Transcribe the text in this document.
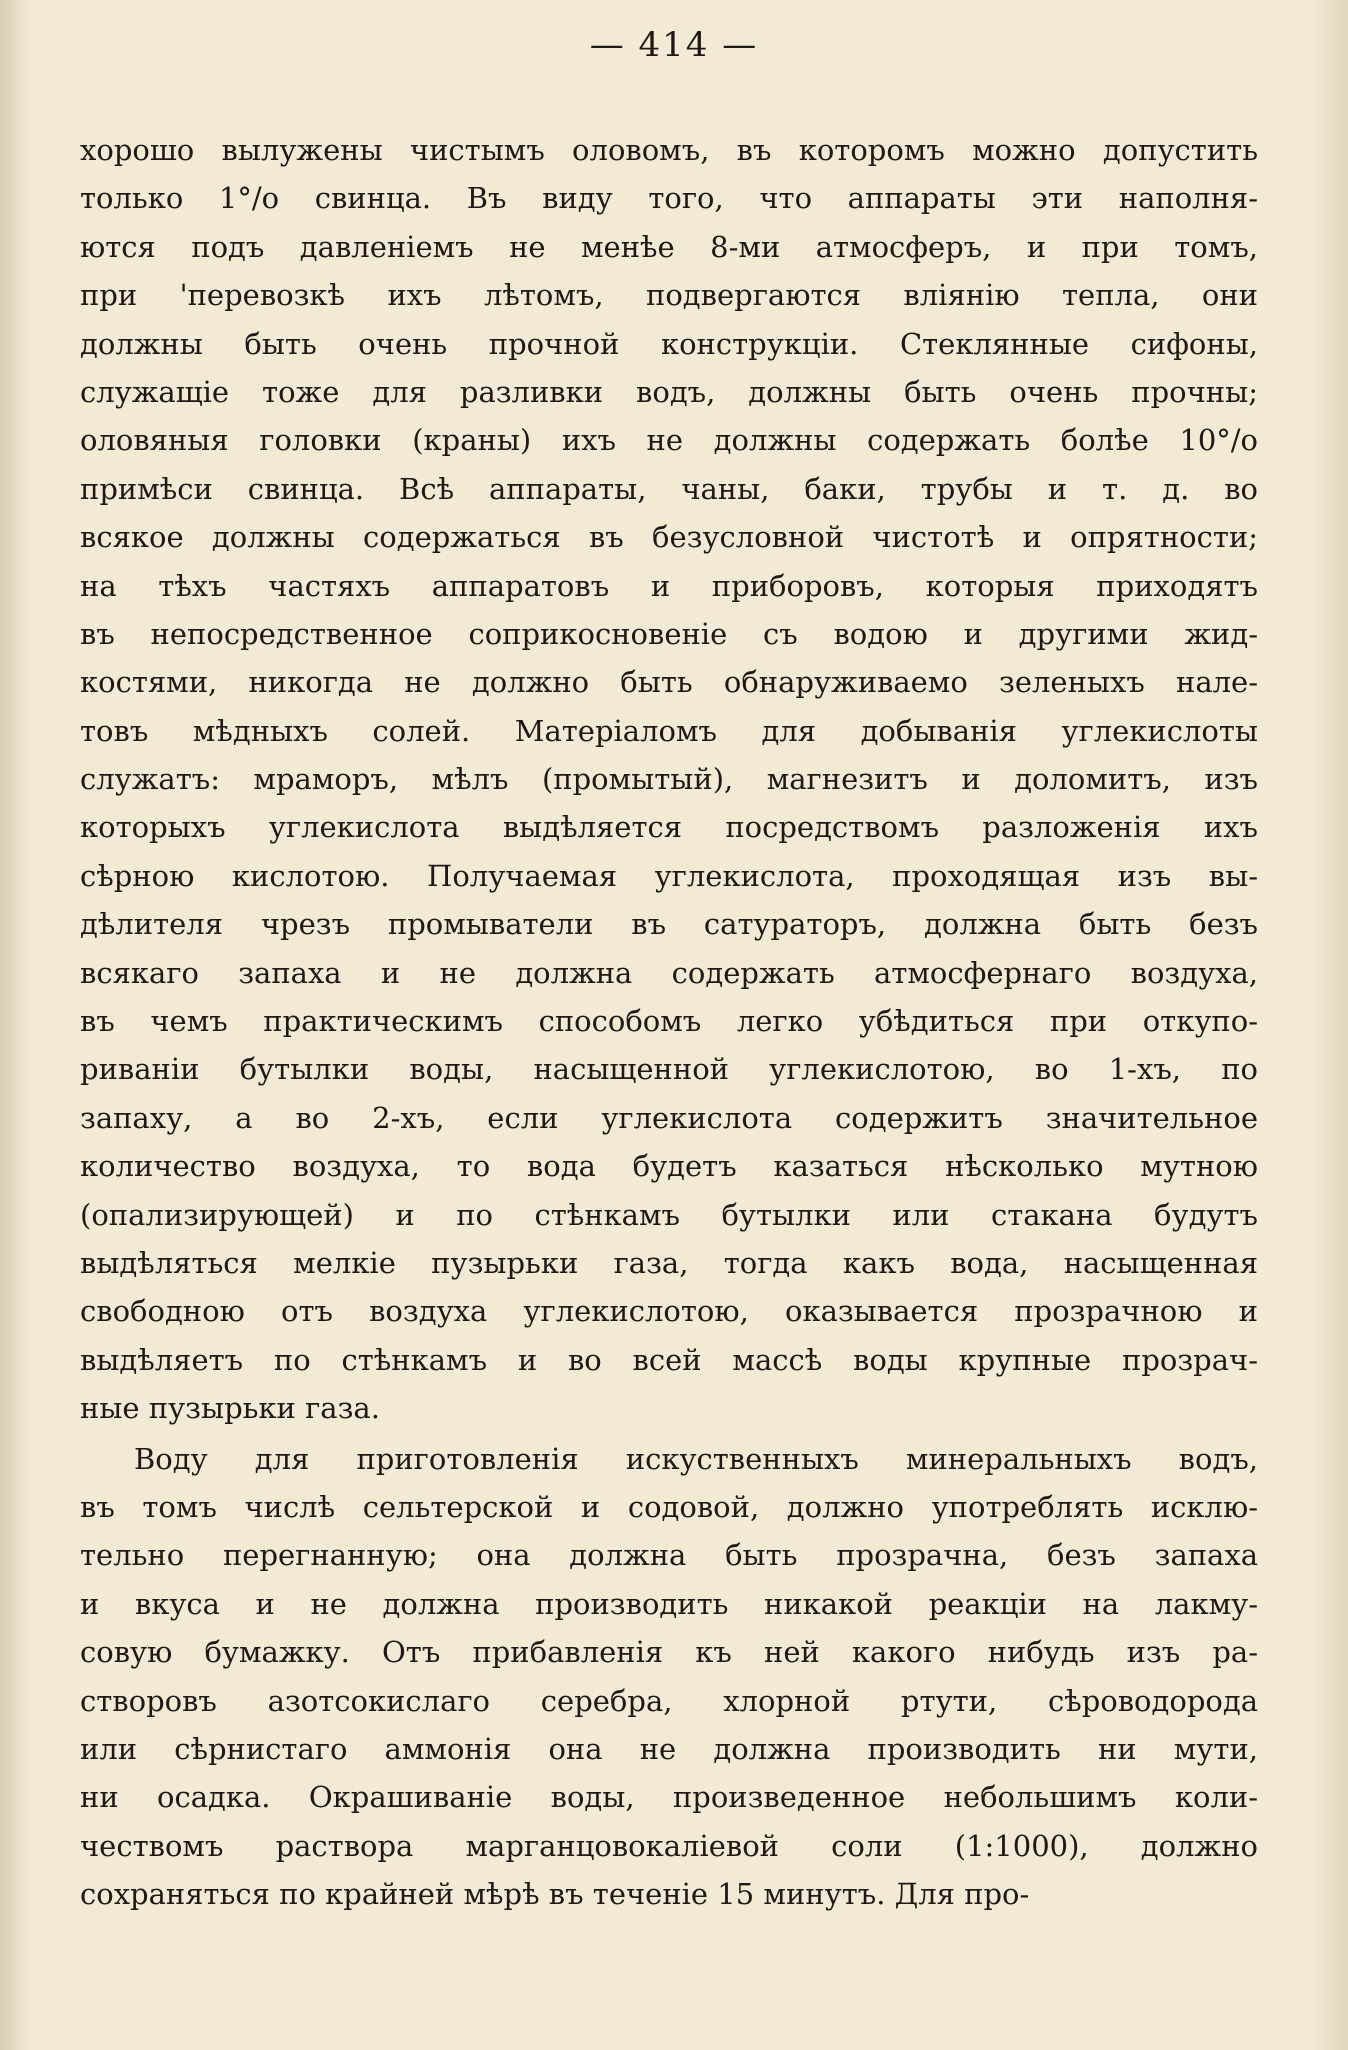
— 414 —
хорошо вылужены чистымъ оловомъ, въ которомъ можно допустить
только 1°/о свинца. Въ виду того, что аппараты эти наполня-
ются подъ давленіемъ не менѣе 8-ми атмосферъ, и при томъ,
при 'перевозкѣ ихъ лѣтомъ, подвергаются вліянію тепла, они
должны быть очень прочной конструкціи. Стеклянные сифоны,
служащіе тоже для разливки водъ, должны быть очень прочны;
оловяныя головки (краны) ихъ не должны содержать болѣе 10°/о
примѣси свинца. Всѣ аппараты, чаны, баки, трубы и т. д. во
всякое должны содержаться въ безусловной чистотѣ и опрятности;
на тѣхъ частяхъ аппаратовъ и приборовъ, которыя приходятъ
въ непосредственное соприкосновеніе съ водою и другими жид-
костями, никогда не должно быть обнаруживаемо зеленыхъ нале-
товъ мѣдныхъ солей. Матеріаломъ для добыванія углекислоты
служатъ: мраморъ, мѣлъ (промытый), магнезитъ и доломитъ, изъ
которыхъ углекислота выдѣляется посредствомъ разложенія ихъ
сѣрною кислотою. Получаемая углекислота, проходящая изъ вы-
дѣлителя чрезъ промыватели въ сатураторъ, должна быть безъ
всякаго запаха и не должна содержать атмосфернаго воздуха,
въ чемъ практическимъ способомъ легко убѣдиться при откупо-
риваніи бутылки воды, насыщенной углекислотою, во 1-хъ, по
запаху, а во 2-хъ, если углекислота содержитъ значительное
количество воздуха, то вода будетъ казаться нѣсколько мутною
(опализирующей) и по стѣнкамъ бутылки или стакана будутъ
выдѣляться мелкіе пузырьки газа, тогда какъ вода, насыщенная
свободною отъ воздуха углекислотою, оказывается прозрачною и
выдѣляетъ по стѣнкамъ и во всей массѣ воды крупные прозрач-
ные пузырьки газа.
Воду для приготовленія искуственныхъ минеральныхъ водъ,
въ томъ числѣ сельтерской и содовой, должно употреблять исклю-
тельно перегнанную; она должна быть прозрачна, безъ запаха
и вкуса и не должна производить никакой реакціи на лакму-
совую бумажку. Отъ прибавленія къ ней какого нибудь изъ ра-
створовъ азотсокислаго серебра, хлорной ртути, сѣроводорода
или сѣрнистаго аммонія она не должна производить ни мути,
ни осадка. Окрашиваніе воды, произведенное небольшимъ коли-
чествомъ раствора марганцовокаліевой соли (1:1000), должно
сохраняться по крайней мѣрѣ въ теченіе 15 минутъ. Для про-
